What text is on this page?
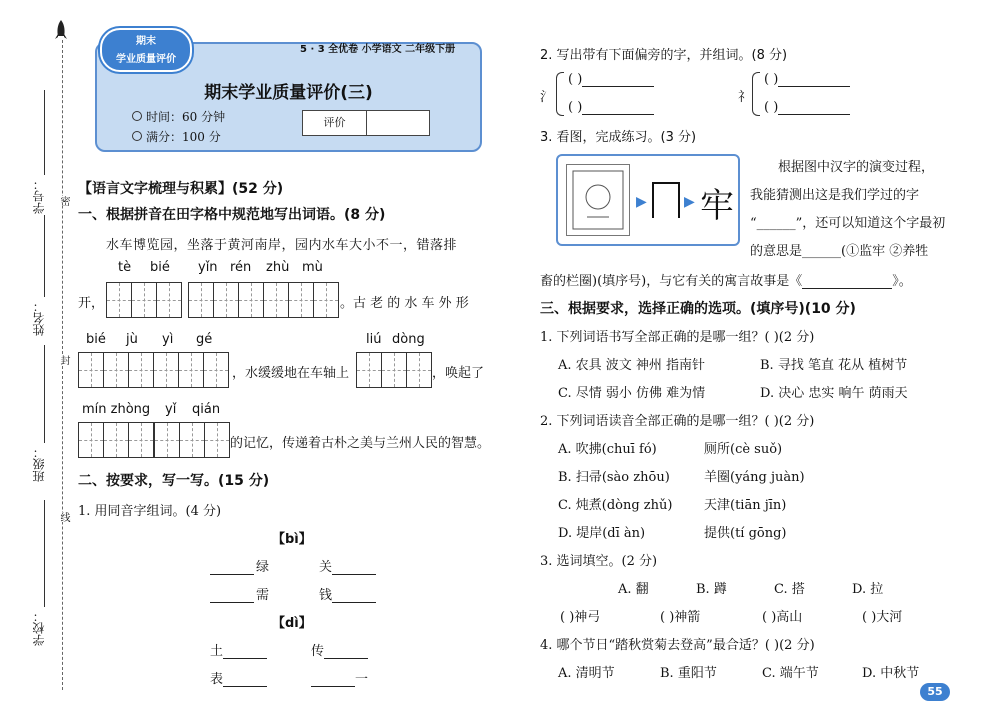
学号：
姓名：
班级：
学校：
密
封
线
期末学业质量评价(三)
时间：60 分钟
满分：100 分
评价
期末
学业质量评价
5 · 3 全优卷 小学语文 二年级下册
【语言文字梳理与积累】(52 分)
一、根据拼音在田字格中规范地写出词语。(8 分)
水车博览园，坐落于黄河南岸，园内水车大小不一，错落排
tè bié yǐn rén zhù mù
开，	。古 老 的 水 车 外 形
bié jù yì gé	liú dòng
，水缓缓地在车轴上	，唤起了
mín zhòng yǐ qián
的记忆，传递着古朴之美与兰州人民的智慧。
二、按要求，写一写。(15 分)
1. 用同音字组词。(4 分)
【bì】
绿	关
需	钱
【dì】
土	传
表	一
2. 写出带有下面偏旁的字，并组词。(8 分)
氵
( )
( )
礻
( )
( )
3. 看图，完成练习。(3 分)
▶	▶ 牢
根据图中汉字的演变过程，
我能猜测出这是我们学过的字
“______”，还可以知道这个字最初
的意思是______(①监牢 ②养牲
畜的栏圈)(填序号)，与它有关的寓言故事是《	》。
三、根据要求，选择正确的选项。(填序号)(10 分)
1. 下列词语书写全部正确的是哪一组？( )(2 分)
A. 农具 波文 神州 指南针	B. 寻找 笔直 花从 植树节
C. 尽情 弱小 仿佛 难为情	D. 决心 忠实 响午 荫雨天
2. 下列词语读音全部正确的是哪一组？( )(2 分)
A. 吹拂(chuī fó)	厕所(cè suǒ)
B. 扫帚(sào zhōu)	羊圈(yáng juàn)
C. 炖煮(dòng zhǔ) 天津(tiān jīn)
D. 堤岸(dī àn)	提供(tí gōng)
3. 选词填空。(2 分)
A. 翻	B. 蹲	C. 搭	D. 拉
( )神弓	( )神箭	( )高山	( )大河
4. 哪个节日“踏秋赏菊去登高”最合适？( )(2 分)
A. 清明节	B. 重阳节	C. 端午节	D. 中秋节
55
